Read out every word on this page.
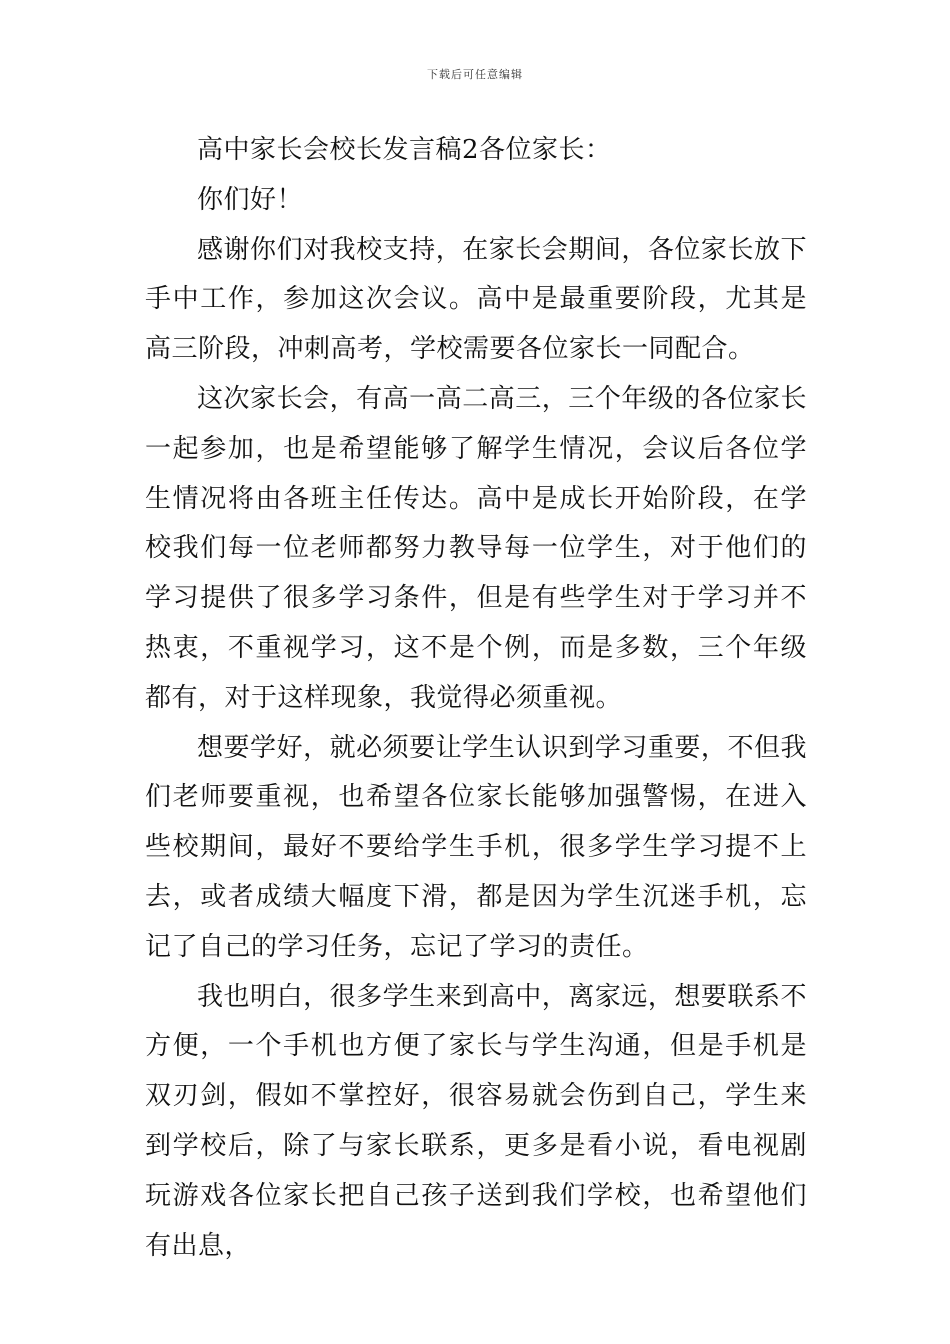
下载后可任意编辑

高中家长会校长发言稿2各位家长：

你们好！

感谢你们对我校支持，在家长会期间，各位家长放下手中工作，参加这次会议。高中是最重要阶段，尤其是高三阶段，冲刺高考，学校需要各位家长一同配合。

这次家长会，有高一高二高三，三个年级的各位家长一起参加，也是希望能够了解学生情况，会议后各位学生情况将由各班主任传达。高中是成长开始阶段，在学校我们每一位老师都努力教导每一位学生，对于他们的学习提供了很多学习条件，但是有些学生对于学习并不热衷，不重视学习，这不是个例，而是多数，三个年级都有，对于这样现象，我觉得必须重视。

想要学好，就必须要让学生认识到学习重要，不但我们老师要重视，也希望各位家长能够加强警惕，在进入些校期间，最好不要给学生手机，很多学生学习提不上去，或者成绩大幅度下滑，都是因为学生沉迷手机，忘记了自己的学习任务，忘记了学习的责任。

我也明白，很多学生来到高中，离家远，想要联系不方便，一个手机也方便了家长与学生沟通，但是手机是双刃剑，假如不掌控好，很容易就会伤到自己，学生来到学校后，除了与家长联系，更多是看小说，看电视剧玩游戏各位家长把自己孩子送到我们学校，也希望他们有出息，
